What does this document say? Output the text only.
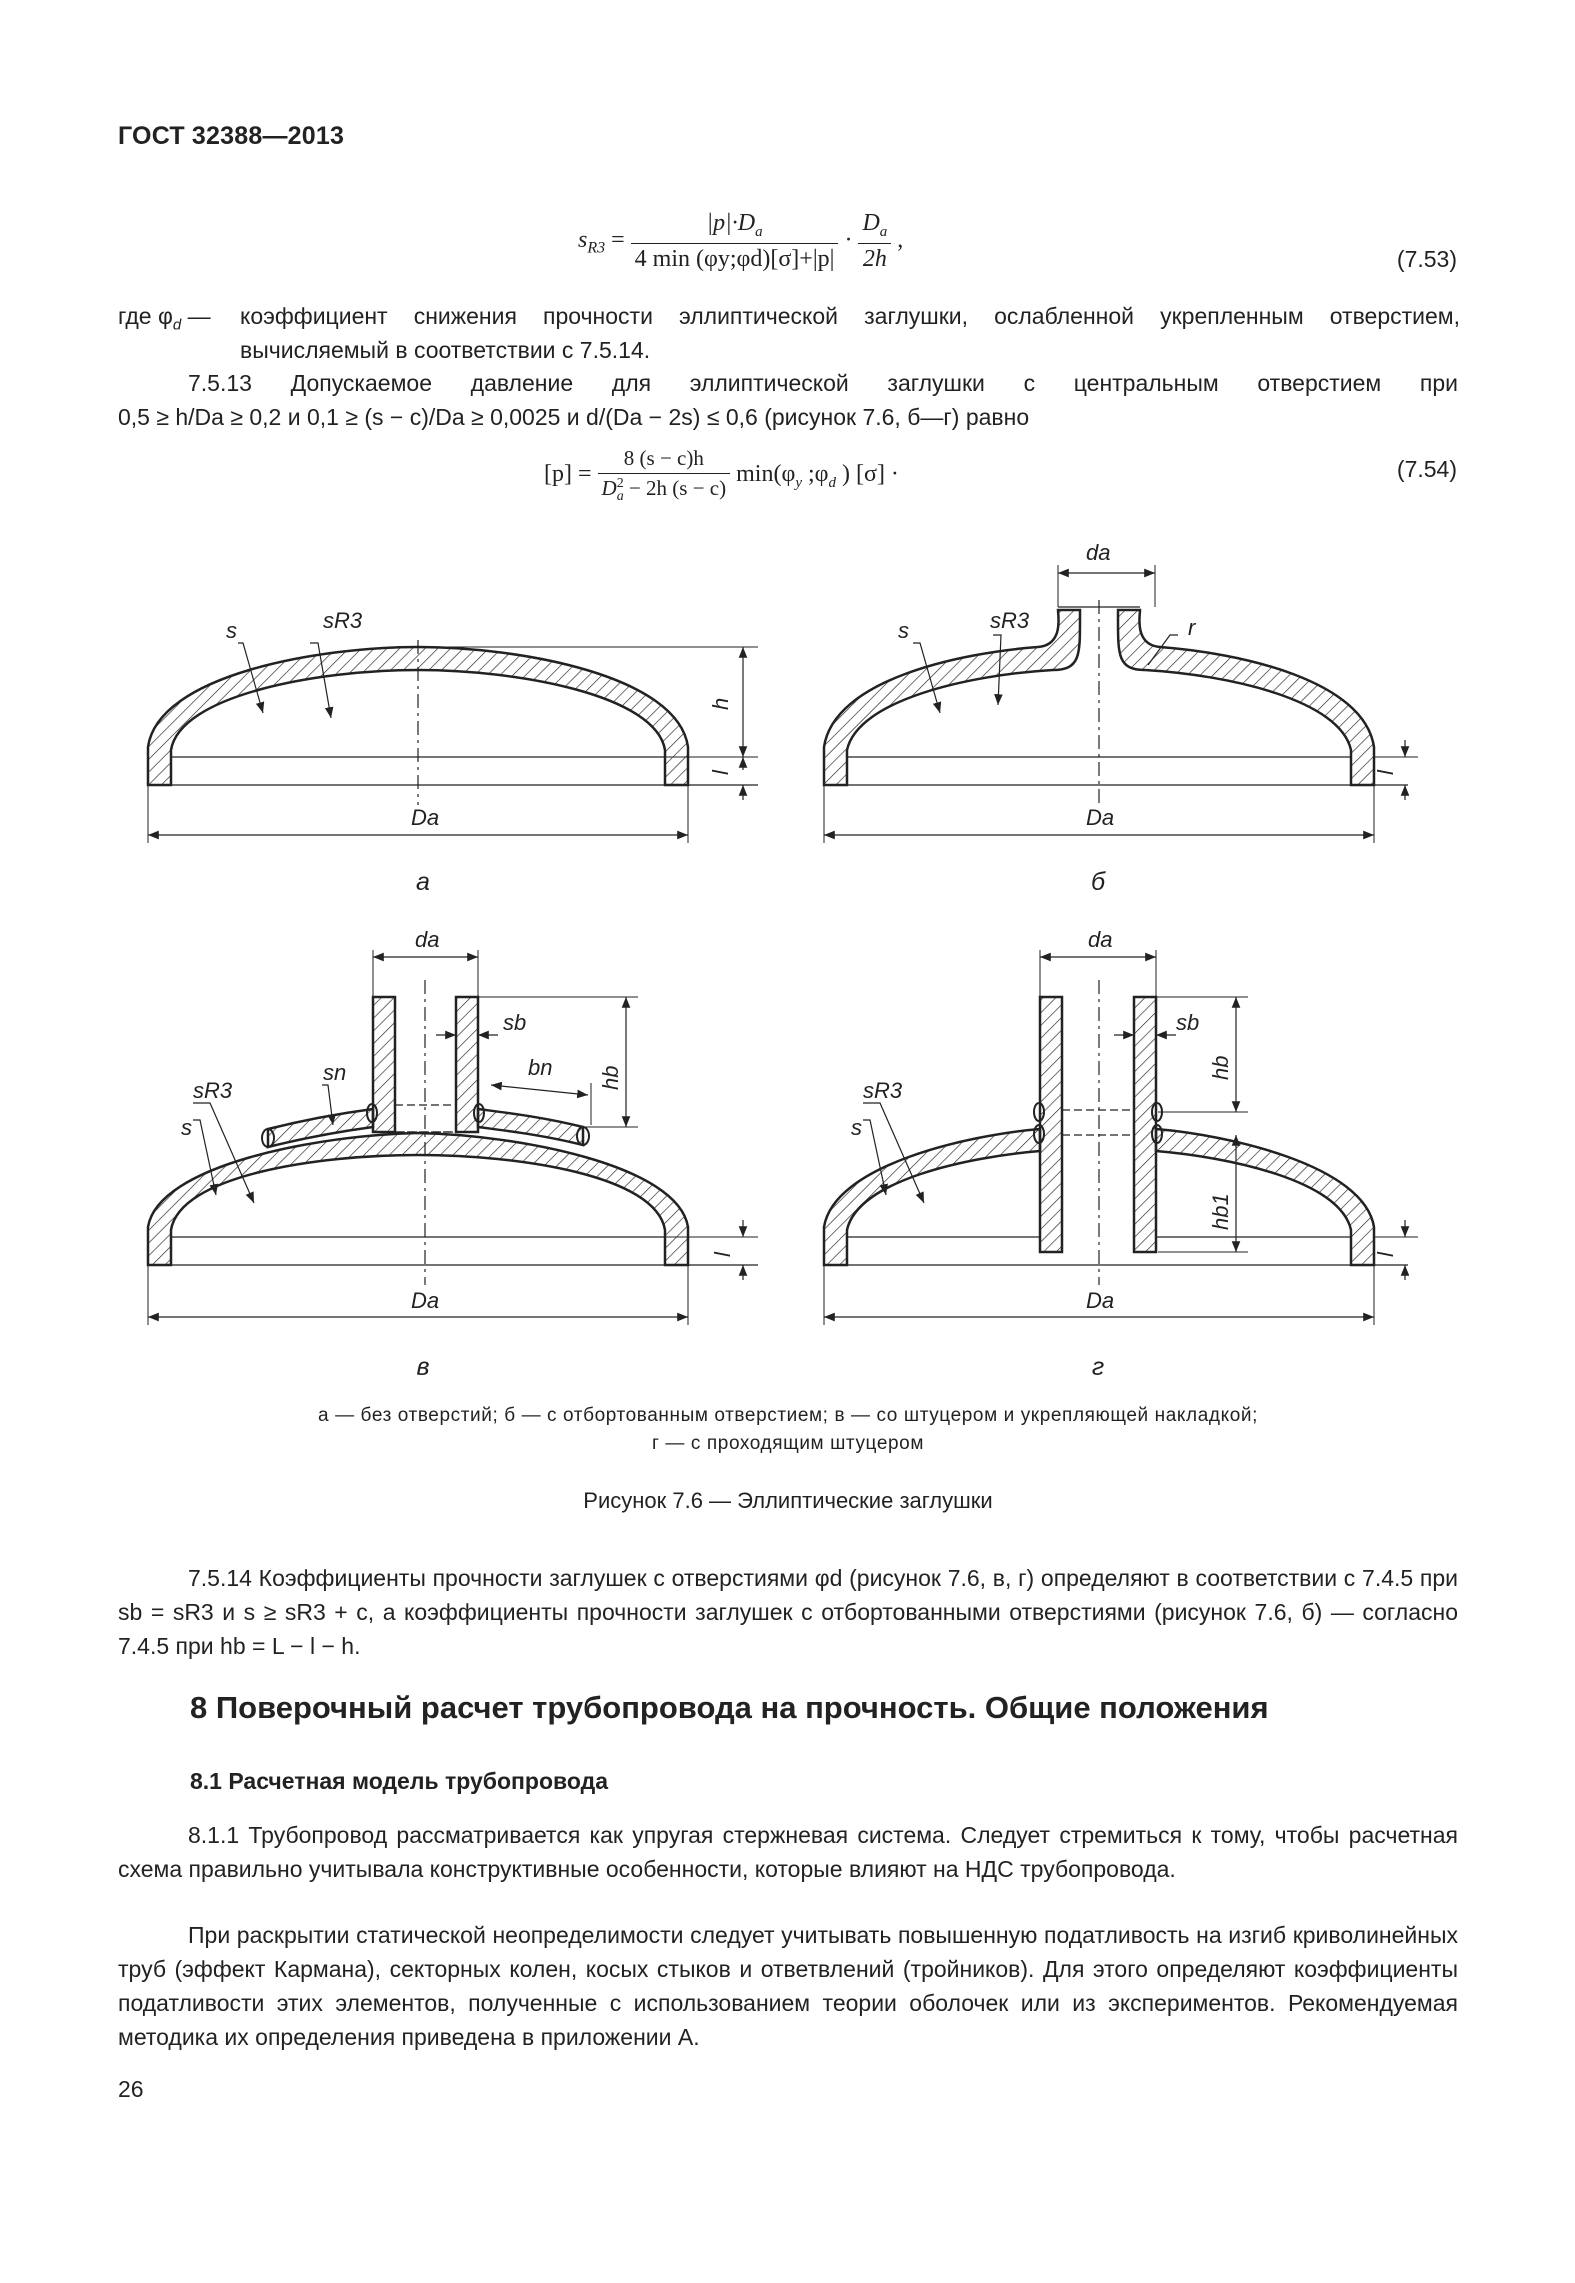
ГОСТ 32388—2013
$s_{R3} = \frac{|p|\cdot D_a}{4 \min (\varphi y;\varphi d)[\sigma]+|p|} \cdot \frac{D_a}{2h}$ ,
(7.53)
где $\varphi_d$ — коэффициент снижения прочности эллиптической заглушки, ослабленной укрепленным отверстием, вычисляемый в соответствии с 7.5.14.
7.5.13 Допускаемое давление для эллиптической заглушки с центральным отверстием при
0,5 ≥ h/Da ≥ 0,2 и 0,1 ≥ (s − c)/Da ≥ 0,0025 и d/(Da − 2s) ≤ 0,6 (рисунок 7.6, б—г) равно
$[p] = \frac{8 (s - c)h}{D^2_a - 2h (s - c)} \min(\varphi_y$ $;\varphi_d$ ) [σ] ·	(7.54)
s	sR3
Da
h
l
s	sR3
da
r
Da
l
da
sb
sn	bn hb
sR3
s
Da
l
da
sb
hb
hb1
sR3
s
Da
l
а	б
в	г
а — без отверстий; б — с отбортованным отверстием; в — со штуцером и укрепляющей накладкой;
г — с проходящим штуцером
Рисунок 7.6 — Эллиптические заглушки
7.5.14 Коэффициенты прочности заглушек с отверстиями φd (рисунок 7.6, в, г) определяют в соответствии с 7.4.5 при sb = sR3 и s ≥ sR3 + c, а коэффициенты прочности заглушек с отбортованными отверстиями (рисунок 7.6, б) — согласно 7.4.5 при hb = L − l − h.
8 Поверочный расчет трубопровода на прочность. Общие положения
8.1 Расчетная модель трубопровода
8.1.1 Трубопровод рассматривается как упругая стержневая система. Следует стремиться к тому, чтобы расчетная схема правильно учитывала конструктивные особенности, которые влияют на НДС трубопровода.
При раскрытии статической неопределимости следует учитывать повышенную податливость на изгиб криволинейных труб (эффект Кармана), секторных колен, косых стыков и ответвлений (тройников). Для этого определяют коэффициенты податливости этих элементов, полученные с использованием теории оболочек или из экспериментов. Рекомендуемая методика их определения приведена в приложении А.
26
